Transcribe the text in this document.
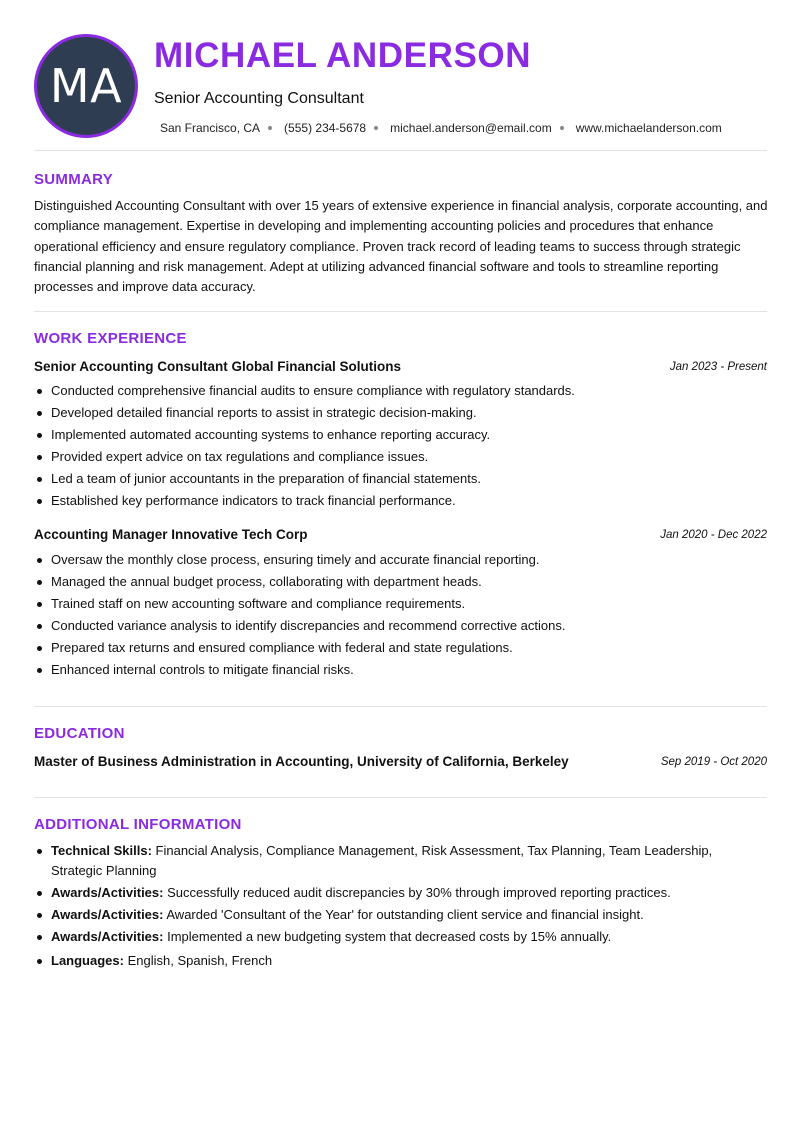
MA
MICHAEL ANDERSON
Senior Accounting Consultant
San Francisco, CA (555) 234-5678 michael.anderson@email.com www.michaelanderson.com
SUMMARY
Distinguished Accounting Consultant with over 15 years of extensive experience in financial analysis, corporate accounting, and compliance management. Expertise in developing and implementing accounting policies and procedures that enhance operational efficiency and ensure regulatory compliance. Proven track record of leading teams to success through strategic financial planning and risk management. Adept at utilizing advanced financial software and tools to streamline reporting processes and improve data accuracy.
WORK EXPERIENCE
Senior Accounting Consultant Global Financial Solutions	Jan 2023 - Present
Conducted comprehensive financial audits to ensure compliance with regulatory standards.
Developed detailed financial reports to assist in strategic decision-making.
Implemented automated accounting systems to enhance reporting accuracy.
Provided expert advice on tax regulations and compliance issues.
Led a team of junior accountants in the preparation of financial statements.
Established key performance indicators to track financial performance.
Accounting Manager Innovative Tech Corp	Jan 2020 - Dec 2022
Oversaw the monthly close process, ensuring timely and accurate financial reporting.
Managed the annual budget process, collaborating with department heads.
Trained staff on new accounting software and compliance requirements.
Conducted variance analysis to identify discrepancies and recommend corrective actions.
Prepared tax returns and ensured compliance with federal and state regulations.
Enhanced internal controls to mitigate financial risks.
EDUCATION
Master of Business Administration in Accounting, University of California, Berkeley	Sep 2019 - Oct 2020
ADDITIONAL INFORMATION
Technical Skills: Financial Analysis, Compliance Management, Risk Assessment, Tax Planning, Team Leadership, Strategic Planning
Awards/Activities: Successfully reduced audit discrepancies by 30% through improved reporting practices.
Awards/Activities: Awarded 'Consultant of the Year' for outstanding client service and financial insight.
Awards/Activities: Implemented a new budgeting system that decreased costs by 15% annually.
Languages: English, Spanish, French
